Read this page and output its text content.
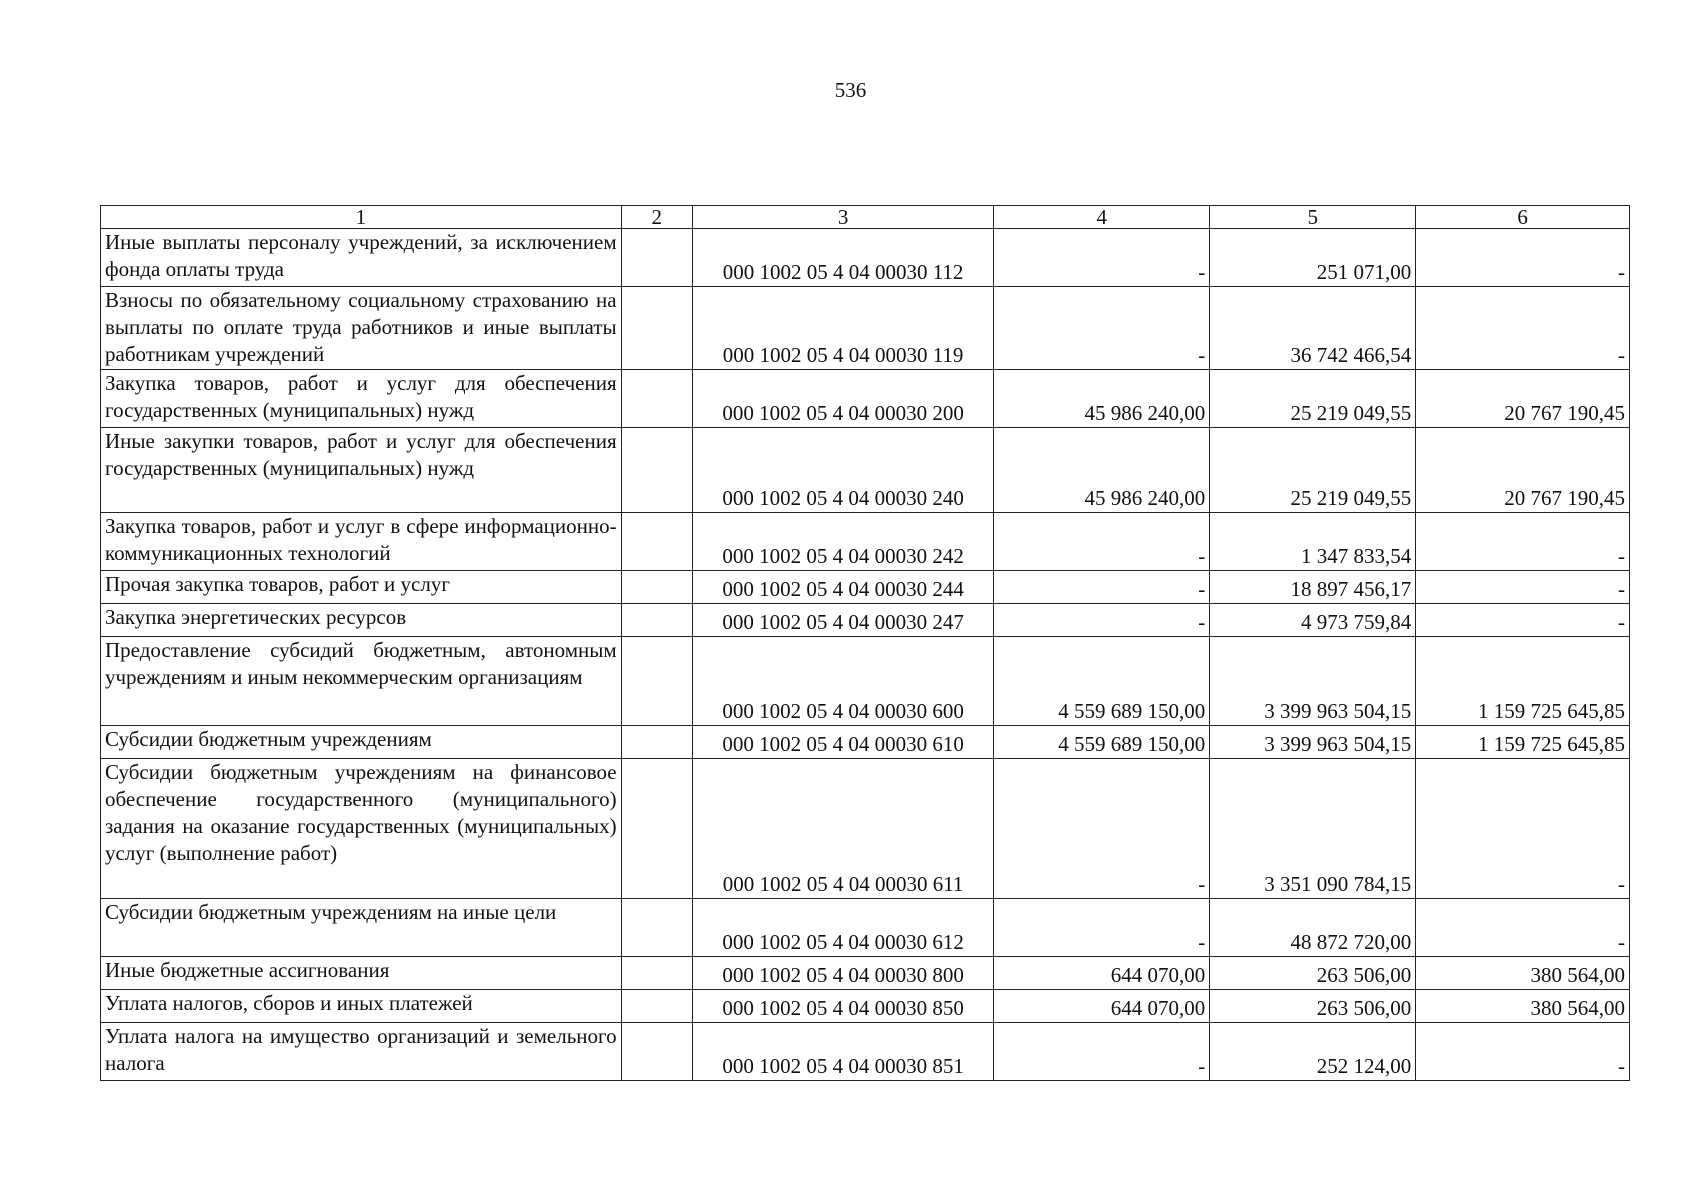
536
1	2	3	4	5	6
Иные выплаты персоналу учреждений, за исключением фонда оплаты труда		000 1002 05 4 04 00030 112	-	251 071,00	-
Взносы по обязательному социальному страхованию на выплаты по оплате труда работников и иные выплаты работникам учреждений		000 1002 05 4 04 00030 119	-	36 742 466,54	-
Закупка товаров, работ и услуг для обеспечения государственных (муниципальных) нужд		000 1002 05 4 04 00030 200	45 986 240,00	25 219 049,55	20 767 190,45
Иные закупки товаров, работ и услуг для обеспечения государственных (муниципальных) нужд		000 1002 05 4 04 00030 240	45 986 240,00	25 219 049,55	20 767 190,45
Закупка товаров, работ и услуг в сфере информационно-коммуникационных технологий		000 1002 05 4 04 00030 242	-	1 347 833,54	-
Прочая закупка товаров, работ и услуг		000 1002 05 4 04 00030 244	-	18 897 456,17	-
Закупка энергетических ресурсов		000 1002 05 4 04 00030 247	-	4 973 759,84	-
Предоставление субсидий бюджетным, автономным учреждениям и иным некоммерческим организациям		000 1002 05 4 04 00030 600	4 559 689 150,00	3 399 963 504,15	1 159 725 645,85
Субсидии бюджетным учреждениям		000 1002 05 4 04 00030 610	4 559 689 150,00	3 399 963 504,15	1 159 725 645,85
Субсидии бюджетным учреждениям на финансовое обеспечение государственного (муниципального) задания на оказание государственных (муниципальных) услуг (выполнение работ)		000 1002 05 4 04 00030 611	-	3 351 090 784,15	-
Субсидии бюджетным учреждениям на иные цели		000 1002 05 4 04 00030 612	-	48 872 720,00	-
Иные бюджетные ассигнования		000 1002 05 4 04 00030 800	644 070,00	263 506,00	380 564,00
Уплата налогов, сборов и иных платежей		000 1002 05 4 04 00030 850	644 070,00	263 506,00	380 564,00
Уплата налога на имущество организаций и земельного налога		000 1002 05 4 04 00030 851	-	252 124,00	-
